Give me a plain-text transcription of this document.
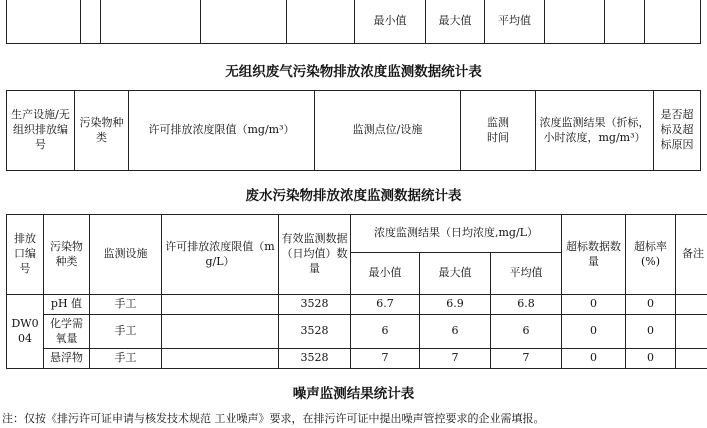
					最小值	最大值	平均值			
无组织废气污染物排放浓度监测数据统计表
生产设施/无组织排放编号	污染物种类	许可排放浓度限值（mg/m³）	监测点位/设施	监测时间	浓度监测结果（折标，小时浓度，mg/m³）	是否超标及超标原因
废水污染物排放浓度监测数据统计表
排放口编号	污染物种类	监测设施	许可排放浓度限值（mg/L）	有效监测数据（日均值）数量	浓度监测结果（日均浓度,mg/L）			超标数据数量	超标率(%)	备注
					最小值	最大值	平均值			
DW004	pH 值	手工		3528	6.7	6.9	6.8	0	0	
	化学需氧量	手工		3528	6	6	6	0	0	
	悬浮物	手工		3528	7	7	7	0	0	
噪声监测结果统计表
注：仅按《排污许可证申请与核发技术规范 工业噪声》要求，在排污许可证中提出噪声管控要求的企业需填报。
